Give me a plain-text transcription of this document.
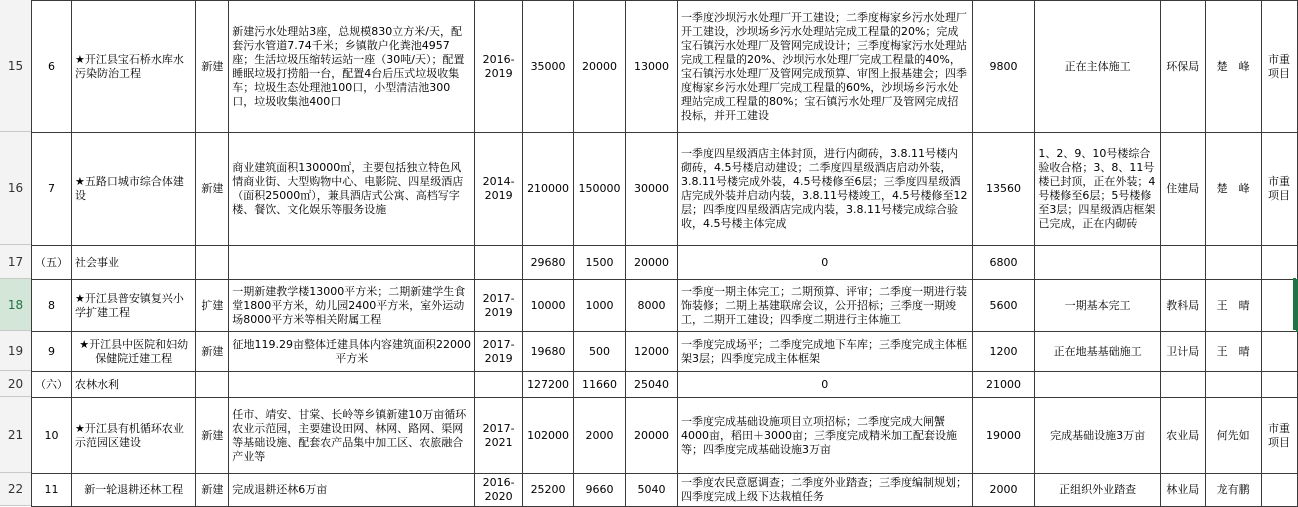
15
16
17
18
19
20
21
22
6	★开江县宝石桥水库水污染防治工程	新建	新建污水处理站3座，总规模830立方米/天，配套污水管道7.74千米；乡镇散户化粪池4957座；生活垃圾压缩转运站一座（30吨/天）；配置睡眠垃圾打捞船一台，配置4台后压式垃圾收集车；垃圾生态处理池100口，小型清洁池300口，垃圾收集池400口	2016-2019	35000	20000	13000	一季度沙坝污水处理厂开工建设；二季度梅家乡污水处理厂开工建设，沙坝场乡污水处理站完成工程量的20%；完成宝石镇污水处理厂及管网完成设计；三季度梅家污水处理站完成工程量的20%、沙坝污水处理厂完成工程量的40%，宝石镇污水处理厂及管网完成预算、审图上报基建会；四季度梅家乡污水处理厂完成工程量的60%，沙坝场乡污水处理站完成工程量的80%；宝石镇污水处理厂及管网完成招投标，并开工建设	9800	正在主体施工	环保局	楚　峰	市重项目
7	★五路口城市综合体建设	新建	商业建筑面积130000㎡，主要包括独立特色风情商业街、大型购物中心、电影院、四星级酒店（面积25000㎡），兼具酒店式公寓、高档写字楼、餐饮、文化娱乐等服务设施	2014-2019	210000	150000	30000	一季度四星级酒店主体封顶，进行内砌砖，3.8.11号楼内砌砖，4.5号楼启动建设；二季度四星级酒店启动外装，3.8.11号楼完成外装，4.5号楼修至6层；三季度四星级酒店完成外装并启动内装，3.8.11号楼竣工，4.5号楼修至12层；四季度四星级酒店完成内装，3.8.11号楼完成综合验收，4.5号楼主体完成	13560	1、2、9、10号楼综合验收合格；3、8、11号楼已封顶，正在外装；4号楼修至6层；5号楼修至3层；四星级酒店框架已完成，正在内砌砖	住建局	楚　峰	市重项目
（五）	社会事业				29680	1500	20000	0	6800				
8	★开江县普安镇复兴小学扩建工程	扩建	一期新建教学楼13000平方米；二期新建学生食堂1800平方米，幼儿园2400平方米，室外运动场8000平方米等相关附属工程	2017-2019	10000	1000	8000	一季度一期主体完工；二期预算、评审；二季度一期进行装饰装修；二期上基建联席会议，公开招标；三季度一期竣工，二期开工建设；四季度二期进行主体施工	5600	一期基本完工	教科局	王　晴	
9	★开江县中医院和妇幼保健院迁建工程	新建	征地119.29亩整体迁建具体内容建筑面积22000平方米	2017-2019	19680	500	12000	一季度完成场平；二季度完成地下车库；三季度完成主体框架3层；四季度完成主体框架	1200	正在地基基础施工	卫计局	王　晴	
（六）	农林水利				127200	11660	25040	0	21000				
10	★开江县有机循环农业示范园区建设	新建	任市、靖安、甘棠、长岭等乡镇新建10万亩循环农业示范园，主要建设田网、林网、路网、渠网等基础设施、配套农产品集中加工区、农旅融合产业等	2017-2021	102000	2000	20000	一季度完成基础设施项目立项招标；二季度完成大闸蟹4000亩，稻田＋3000亩；三季度完成精米加工配套设施等；四季度完成基础设施3万亩	19000	完成基础设施3万亩	农业局	何先如	市重项目
11	新一轮退耕还林工程	新建	完成退耕还林6万亩	2016-2020	25200	9660	5040	一季度农民意愿调查；二季度外业踏查；三季度编制规划；四季度完成上级下达栽植任务	2000	正组织外业踏查	林业局	龙有鹏	
